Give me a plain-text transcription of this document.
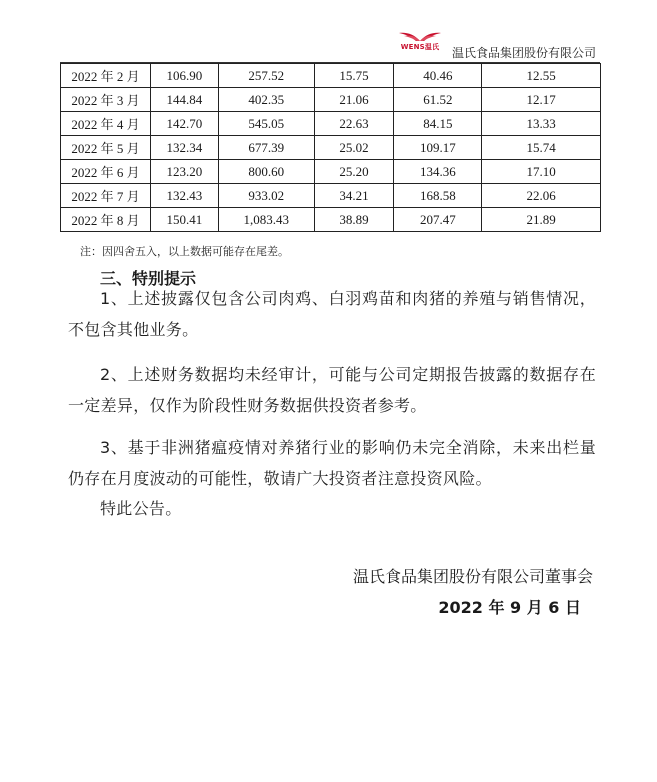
WENS温氏 温氏食品集团股份有限公司
2022 年 2 月	106.90	257.52	15.75	40.46	12.55
2022 年 3 月	144.84	402.35	21.06	61.52	12.17
2022 年 4 月	142.70	545.05	22.63	84.15	13.33
2022 年 5 月	132.34	677.39	25.02	109.17	15.74
2022 年 6 月	123.20	800.60	25.20	134.36	17.10
2022 年 7 月	132.43	933.02	34.21	168.58	22.06
2022 年 8 月	150.41	1,083.43	38.89	207.47	21.89
注：因四舍五入，以上数据可能存在尾差。
三、特别提示

1、上述披露仅包含公司肉鸡、白羽鸡苗和肉猪的养殖与销售情况，不包含其他业务。

2、上述财务数据均未经审计，可能与公司定期报告披露的数据存在一定差异，仅作为阶段性财务数据供投资者参考。

3、基于非洲猪瘟疫情对养猪行业的影响仍未完全消除，未来出栏量仍存在月度波动的可能性，敬请广大投资者注意投资风险。

特此公告。

温氏食品集团股份有限公司董事会
2022 年 9 月 6 日
